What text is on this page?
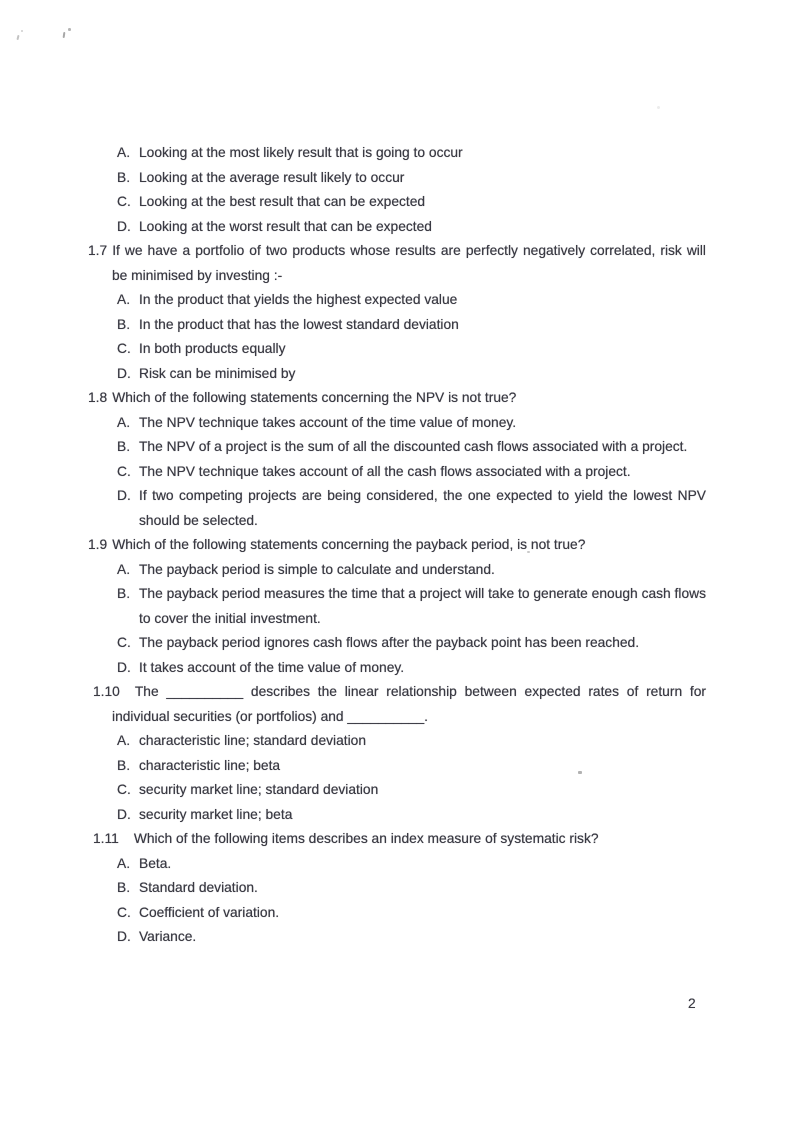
A. Looking at the most likely result that is going to occur
B. Looking at the average result likely to occur
C. Looking at the best result that can be expected
D. Looking at the worst result that can be expected

1.7 If we have a portfolio of two products whose results are perfectly negatively correlated, risk will be minimised by investing :-

A. In the product that yields the highest expected value
B. In the product that has the lowest standard deviation
C. In both products equally
D. Risk can be minimised by

1.8 Which of the following statements concerning the NPV is not true?

A. The NPV technique takes account of the time value of money.
B. The NPV of a project is the sum of all the discounted cash flows associated with a project.
C. The NPV technique takes account of all the cash flows associated with a project.
D. If two competing projects are being considered, the one expected to yield the lowest NPV should be selected.

1.9 Which of the following statements concerning the payback period, is not true?

A. The payback period is simple to calculate and understand.
B. The payback period measures the time that a project will take to generate enough cash flows to cover the initial investment.
C. The payback period ignores cash flows after the payback point has been reached.
D. It takes account of the time value of money.

1.10 The __________ describes the linear relationship between expected rates of return for individual securities (or portfolios) and __________.

A. characteristic line; standard deviation
B. characteristic line; beta
C. security market line; standard deviation
D. security market line; beta

1.11 Which of the following items describes an index measure of systematic risk?

A. Beta.
B. Standard deviation.
C. Coefficient of variation.
D. Variance.
2
